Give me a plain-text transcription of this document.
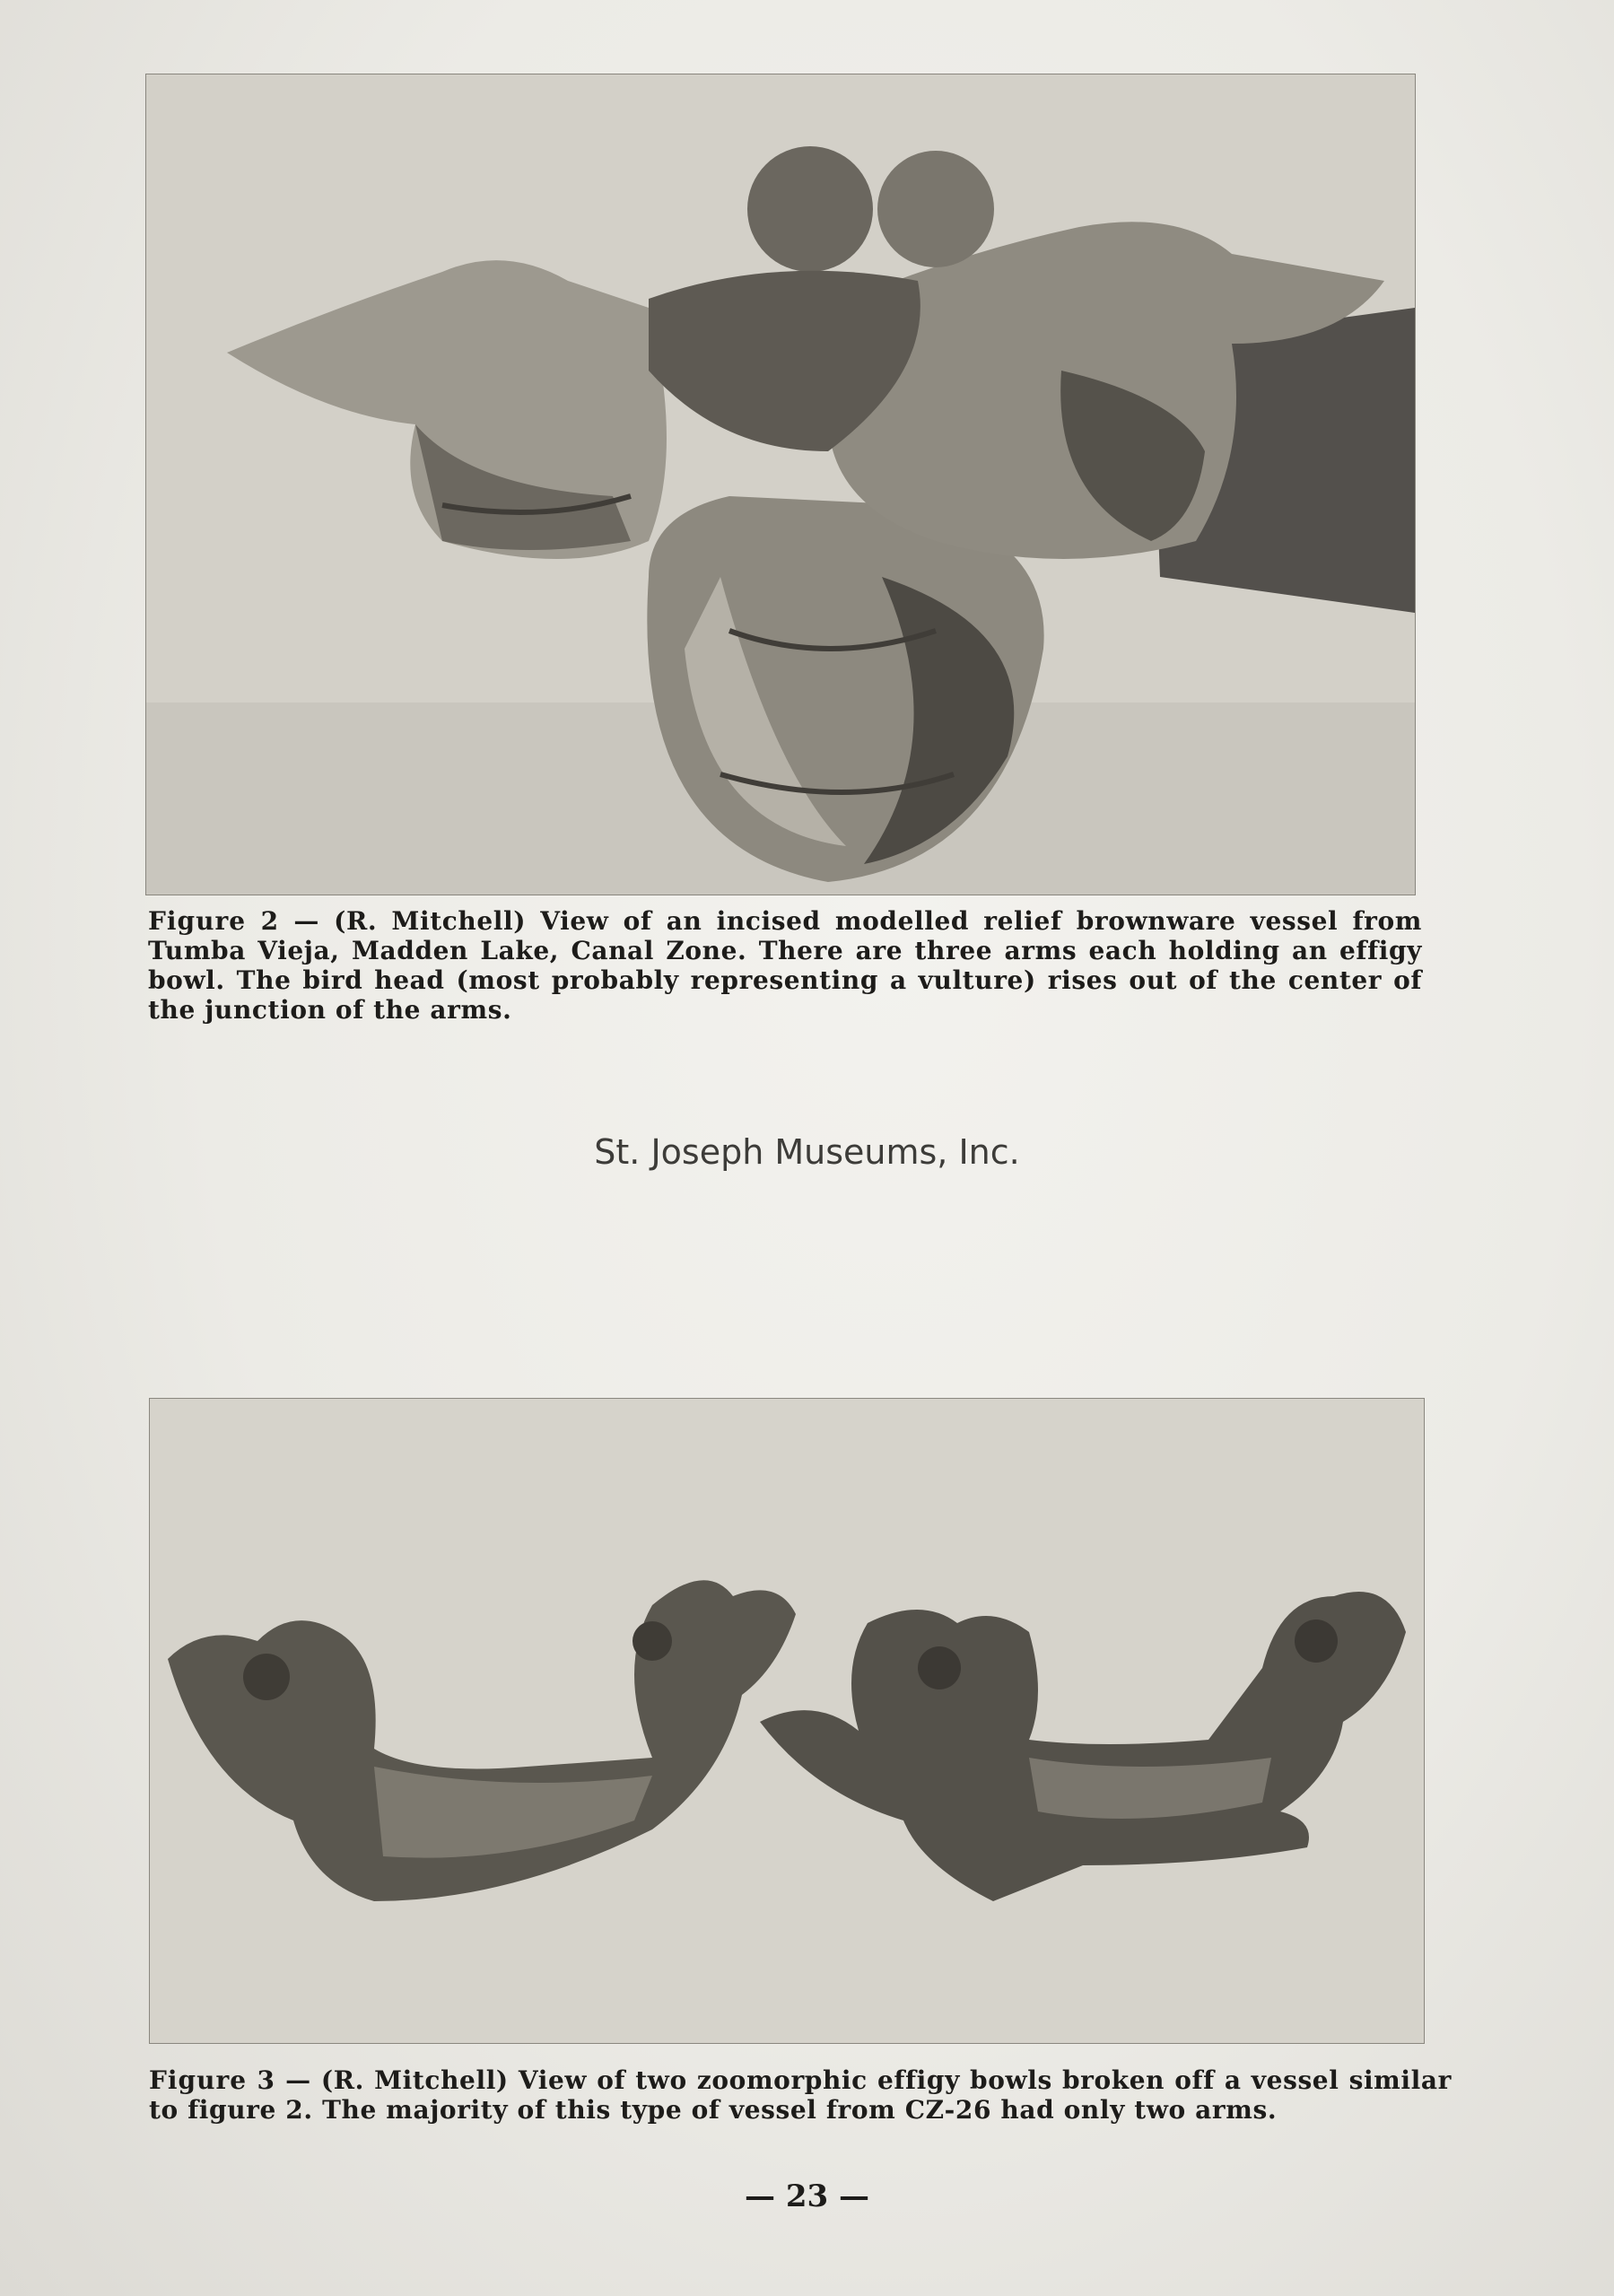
Figure 2 — (R. Mitchell) View of an incised modelled relief brownware vessel from Tumba Vieja, Madden Lake, Canal Zone. There are three arms each holding an effigy bowl. The bird head (most probably representing a vulture) rises out of the center of the junction of the arms.
St. Joseph Museums, Inc.
Figure 3 — (R. Mitchell) View of two zoomorphic effigy bowls broken off a vessel similar to figure 2. The majority of this type of vessel from CZ-26 had only two arms.
— 23 —
